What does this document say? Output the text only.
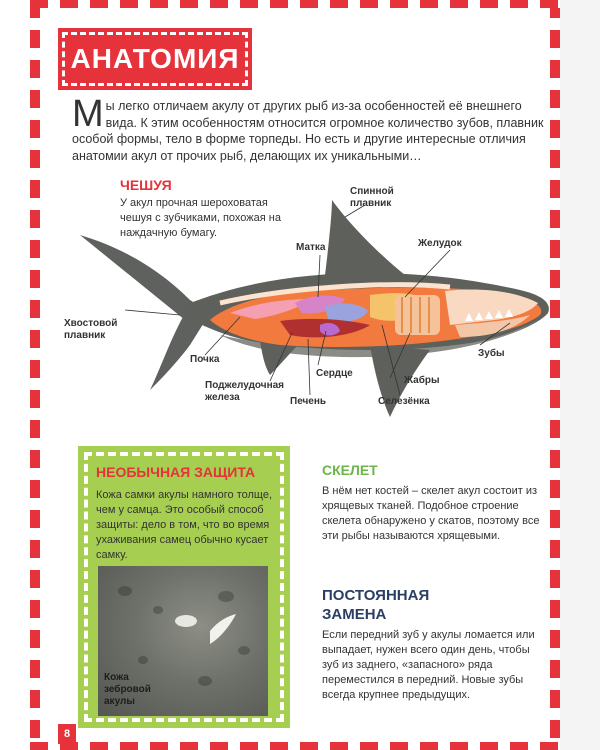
АНАТОМИЯ
Мы легко отличаем акулу от других рыб из-за особенностей её внешнего вида. К этим особенностям относится огромное количество зубов, плавник особой формы, тело в форме торпеды. Но есть и другие интересные отличия анатомии акул от прочих рыб, делающих их уникальными…
ЧЕШУЯ
У акул прочная шероховатая чешуя с зубчиками, похожая на наждачную бумагу.
Спинной плавник
Матка	Желудок
Хвостовой плавник
Зубы
Почка
Поджелудочная железа
Сердце
Печень
Жабры
Селезёнка
НЕОБЫЧНАЯ ЗАЩИТА
Кожа самки акулы намного толще, чем у самца. Это особый способ защиты: дело в том, что во время ухаживания самец обычно кусает самку.
Кожа зебровой акулы
СКЕЛЕТ
В нём нет костей – скелет акул состоит из хрящевых тканей. Подобное строение скелета обнаружено у скатов, поэтому все эти рыбы называются хрящевыми.
ПОСТОЯННАЯ ЗАМЕНА
Если передний зуб у акулы ломается или выпадает, нужен всего один день, чтобы зуб из заднего, «запасного» ряда переместился в передний. Новые зубы всегда крупнее предыдущих.
8
